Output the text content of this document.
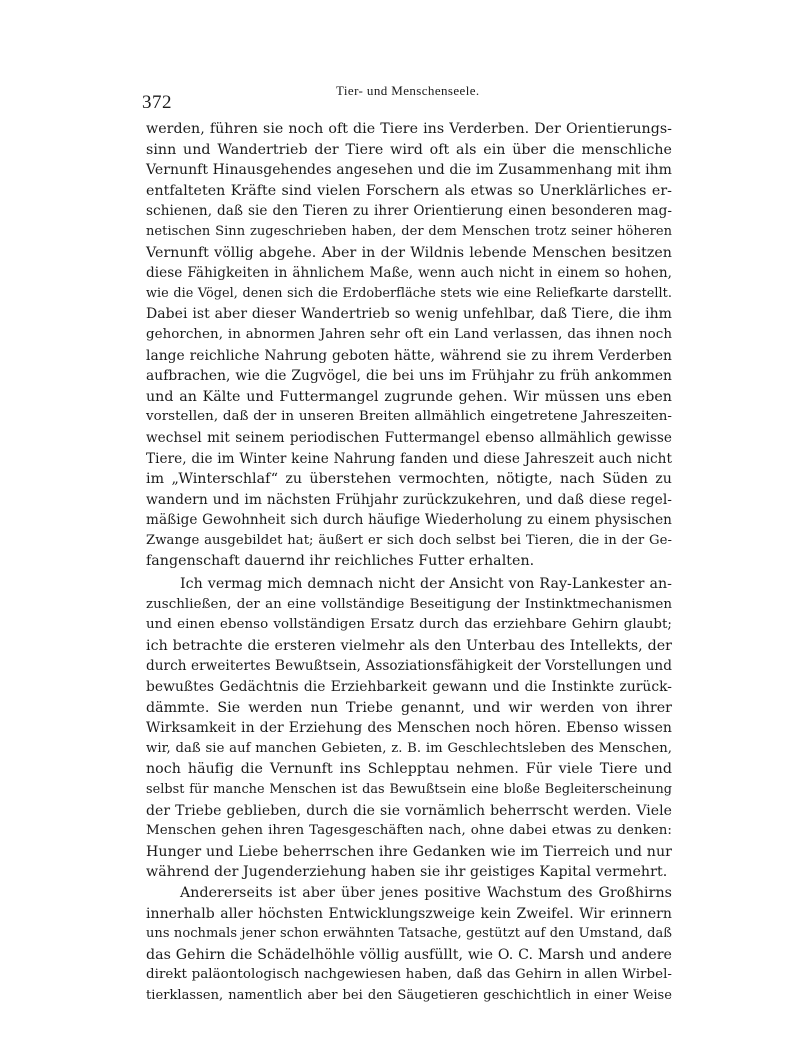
372
Tier- und Menschenseele.
werden, führen sie noch oft die Tiere ins Verderben. Der Orientierungs-
sinn und Wandertrieb der Tiere wird oft als ein über die menschliche
Vernunft Hinausgehendes angesehen und die im Zusammenhang mit ihm
entfalteten Kräfte sind vielen Forschern als etwas so Unerklärliches er-
schienen, daß sie den Tieren zu ihrer Orientierung einen besonderen mag-
netischen Sinn zugeschrieben haben, der dem Menschen trotz seiner höheren
Vernunft völlig abgehe. Aber in der Wildnis lebende Menschen besitzen
diese Fähigkeiten in ähnlichem Maße, wenn auch nicht in einem so hohen,
wie die Vögel, denen sich die Erdoberfläche stets wie eine Reliefkarte darstellt.
Dabei ist aber dieser Wandertrieb so wenig unfehlbar, daß Tiere, die ihm
gehorchen, in abnormen Jahren sehr oft ein Land verlassen, das ihnen noch
lange reichliche Nahrung geboten hätte, während sie zu ihrem Verderben
aufbrachen, wie die Zugvögel, die bei uns im Frühjahr zu früh ankommen
und an Kälte und Futtermangel zugrunde gehen. Wir müssen uns eben
vorstellen, daß der in unseren Breiten allmählich eingetretene Jahreszeiten-
wechsel mit seinem periodischen Futtermangel ebenso allmählich gewisse
Tiere, die im Winter keine Nahrung fanden und diese Jahreszeit auch nicht
im „Winterschlaf“ zu überstehen vermochten, nötigte, nach Süden zu
wandern und im nächsten Frühjahr zurückzukehren, und daß diese regel-
mäßige Gewohnheit sich durch häufige Wiederholung zu einem physischen
Zwange ausgebildet hat; äußert er sich doch selbst bei Tieren, die in der Ge-
fangenschaft dauernd ihr reichliches Futter erhalten.
Ich vermag mich demnach nicht der Ansicht von Ray-Lankester an-
zuschließen, der an eine vollständige Beseitigung der Instinktmechanismen
und einen ebenso vollständigen Ersatz durch das erziehbare Gehirn glaubt;
ich betrachte die ersteren vielmehr als den Unterbau des Intellekts, der
durch erweitertes Bewußtsein, Assoziationsfähigkeit der Vorstellungen und
bewußtes Gedächtnis die Erziehbarkeit gewann und die Instinkte zurück-
dämmte. Sie werden nun Triebe genannt, und wir werden von ihrer
Wirksamkeit in der Erziehung des Menschen noch hören. Ebenso wissen
wir, daß sie auf manchen Gebieten, z. B. im Geschlechtsleben des Menschen,
noch häufig die Vernunft ins Schlepptau nehmen. Für viele Tiere und
selbst für manche Menschen ist das Bewußtsein eine bloße Begleiterscheinung
der Triebe geblieben, durch die sie vornämlich beherrscht werden. Viele
Menschen gehen ihren Tagesgeschäften nach, ohne dabei etwas zu denken:
Hunger und Liebe beherrschen ihre Gedanken wie im Tierreich und nur
während der Jugenderziehung haben sie ihr geistiges Kapital vermehrt.
Andererseits ist aber über jenes positive Wachstum des Großhirns
innerhalb aller höchsten Entwicklungszweige kein Zweifel. Wir erinnern
uns nochmals jener schon erwähnten Tatsache, gestützt auf den Umstand, daß
das Gehirn die Schädelhöhle völlig ausfüllt, wie O. C. Marsh und andere
direkt paläontologisch nachgewiesen haben, daß das Gehirn in allen Wirbel-
tierklassen, namentlich aber bei den Säugetieren geschichtlich in einer Weise
